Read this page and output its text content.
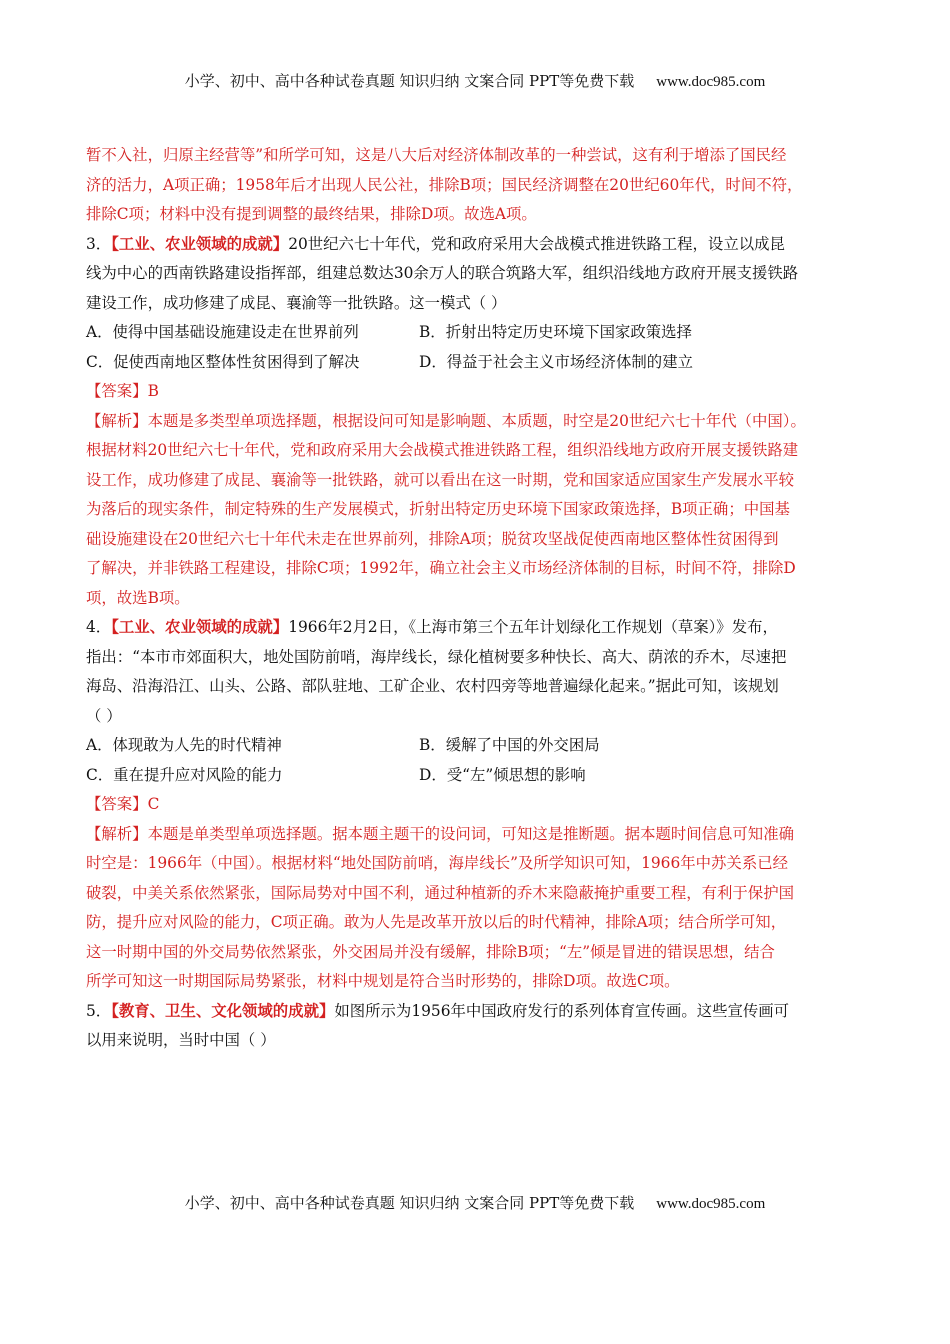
小学、初中、高中各种试卷真题 知识归纳 文案合同 PPT等免费下载 www.doc985.com
暂不入社，归原主经营等”和所学可知，这是八大后对经济体制改革的一种尝试，这有利于增添了国民经
济的活力，A项正确；1958年后才出现人民公社，排除B项；国民经济调整在20世纪60年代，时间不符，
排除C项；材料中没有提到调整的最终结果，排除D项。故选A项。
3．【工业、农业领域的成就】20世纪六七十年代，党和政府采用大会战模式推进铁路工程，设立以成昆
线为中心的西南铁路建设指挥部，组建总数达30余万人的联合筑路大军，组织沿线地方政府开展支援铁路
建设工作，成功修建了成昆、襄渝等一批铁路。这一模式（ ）
A．使得中国基础设施建设走在世界前列	B．折射出特定历史环境下国家政策选择
C．促使西南地区整体性贫困得到了解决	D．得益于社会主义市场经济体制的建立
【答案】B
【解析】本题是多类型单项选择题，根据设问可知是影响题、本质题，时空是20世纪六七十年代（中国）。
根据材料20世纪六七十年代，党和政府采用大会战模式推进铁路工程，组织沿线地方政府开展支援铁路建
设工作，成功修建了成昆、襄渝等一批铁路，就可以看出在这一时期，党和国家适应国家生产发展水平较
为落后的现实条件，制定特殊的生产发展模式，折射出特定历史环境下国家政策选择，B项正确；中国基
础设施建设在20世纪六七十年代未走在世界前列，排除A项；脱贫攻坚战促使西南地区整体性贫困得到
了解决，并非铁路工程建设，排除C项；1992年，确立社会主义市场经济体制的目标，时间不符，排除D
项，故选B项。
4．【工业、农业领域的成就】1966年2月2日，《上海市第三个五年计划绿化工作规划（草案）》发布，
指出：“本市市郊面积大，地处国防前哨，海岸线长，绿化植树要多种快长、高大、荫浓的乔木，尽速把
海岛、沿海沿江、山头、公路、部队驻地、工矿企业、农村四旁等地普遍绿化起来。”据此可知，该规划
（ ）
A．体现敢为人先的时代精神	B．缓解了中国的外交困局
C．重在提升应对风险的能力	D．受“左”倾思想的影响
【答案】C
【解析】本题是单类型单项选择题。据本题主题干的设问词，可知这是推断题。据本题时间信息可知准确
时空是：1966年（中国）。根据材料“地处国防前哨，海岸线长”及所学知识可知，1966年中苏关系已经
破裂，中美关系依然紧张，国际局势对中国不利，通过种植新的乔木来隐蔽掩护重要工程，有利于保护国
防，提升应对风险的能力，C项正确。敢为人先是改革开放以后的时代精神，排除A项；结合所学可知，
这一时期中国的外交局势依然紧张，外交困局并没有缓解，排除B项；“左”倾是冒进的错误思想，结合
所学可知这一时期国际局势紧张，材料中规划是符合当时形势的，排除D项。故选C项。
5．【教育、卫生、文化领域的成就】如图所示为1956年中国政府发行的系列体育宣传画。这些宣传画可
以用来说明，当时中国（ ）
小学、初中、高中各种试卷真题 知识归纳 文案合同 PPT等免费下载 www.doc985.com
